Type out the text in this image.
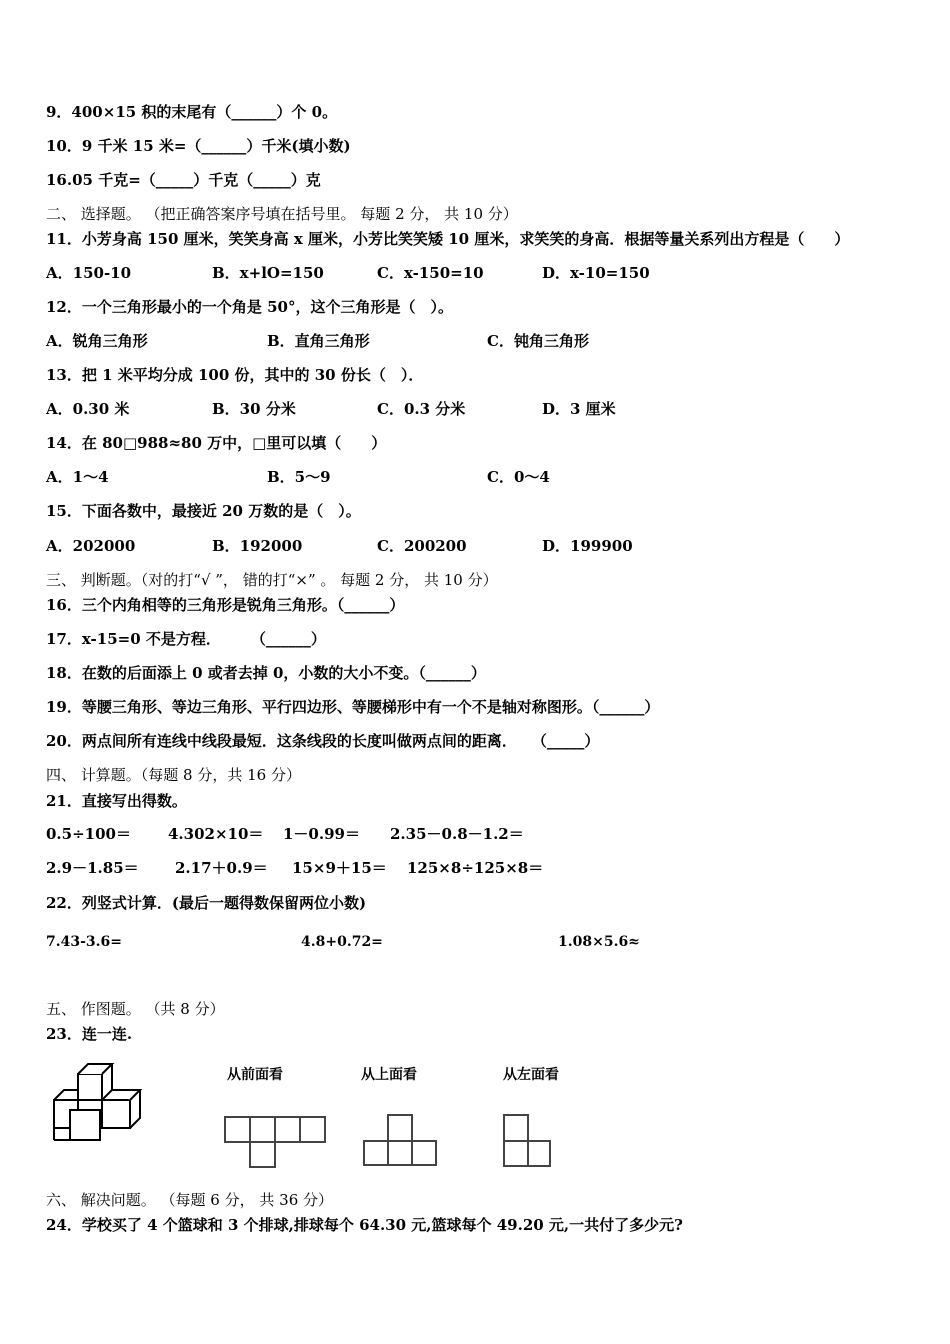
9．400×15 积的末尾有（______）个 0。
10．9 千米 15 米=（______）千米(填小数)
16.05 千克=（_____）千克（_____）克
二、 选择题。 （把正确答案序号填在括号里。 每题 2 分， 共 10 分）
11．小芳身高 150 厘米，笑笑身高 x 厘米，小芳比笑笑矮 10 厘米，求笑笑的身高．根据等量关系列出方程是（　　）
A．150-10	B．x+lO=150	C．x-150=10	D．x-10=150
12．一个三角形最小的一个角是 50°，这个三角形是（　）。
A．锐角三角形	B．直角三角形	C．钝角三角形
13．把 1 米平均分成 100 份，其中的 30 份长（　）．
A．0.30 米	B．30 分米	C．0.3 分米	D．3 厘米
14．在 80□988≈80 万中，□里可以填（　　）
A．1～4	B．5～9	C．0～4
15．下面各数中，最接近 20 万数的是（　）。
A．202000	B．192000	C．200200	D．199900
三、 判断题。（对的打“√ ”， 错的打“×” 。 每题 2 分， 共 10 分）
16．三个内角相等的三角形是锐角三角形。（______）
17．x-15=0 不是方程．　　　（______）
18．在数的后面添上 0 或者去掉 0，小数的大小不变。（______）
19．等腰三角形、等边三角形、平行四边形、等腰梯形中有一个不是轴对称图形。（______）
20．两点间所有连线中线段最短．这条线段的长度叫做两点间的距离．　　（_____）
四、 计算题。（每题 8 分，共 16 分）
21．直接写出得数。
0.5÷100＝ 4.302×10＝ 1－0.99＝ 2.35－0.8－1.2＝
2.9－1.85＝ 2.17＋0.9＝ 15×9＋15＝ 125×8÷125×8＝
22．列竖式计算．(最后一题得数保留两位小数)
7.43-3.6=	4.8+0.72=	1.08×5.6≈
五、 作图题。 （共 8 分）
23．连一连.
从前面看	从上面看	从左面看
六、 解决问题。 （每题 6 分， 共 36 分）
24．学校买了 4 个篮球和 3 个排球,排球每个 64.30 元,篮球每个 49.20 元,一共付了多少元?
